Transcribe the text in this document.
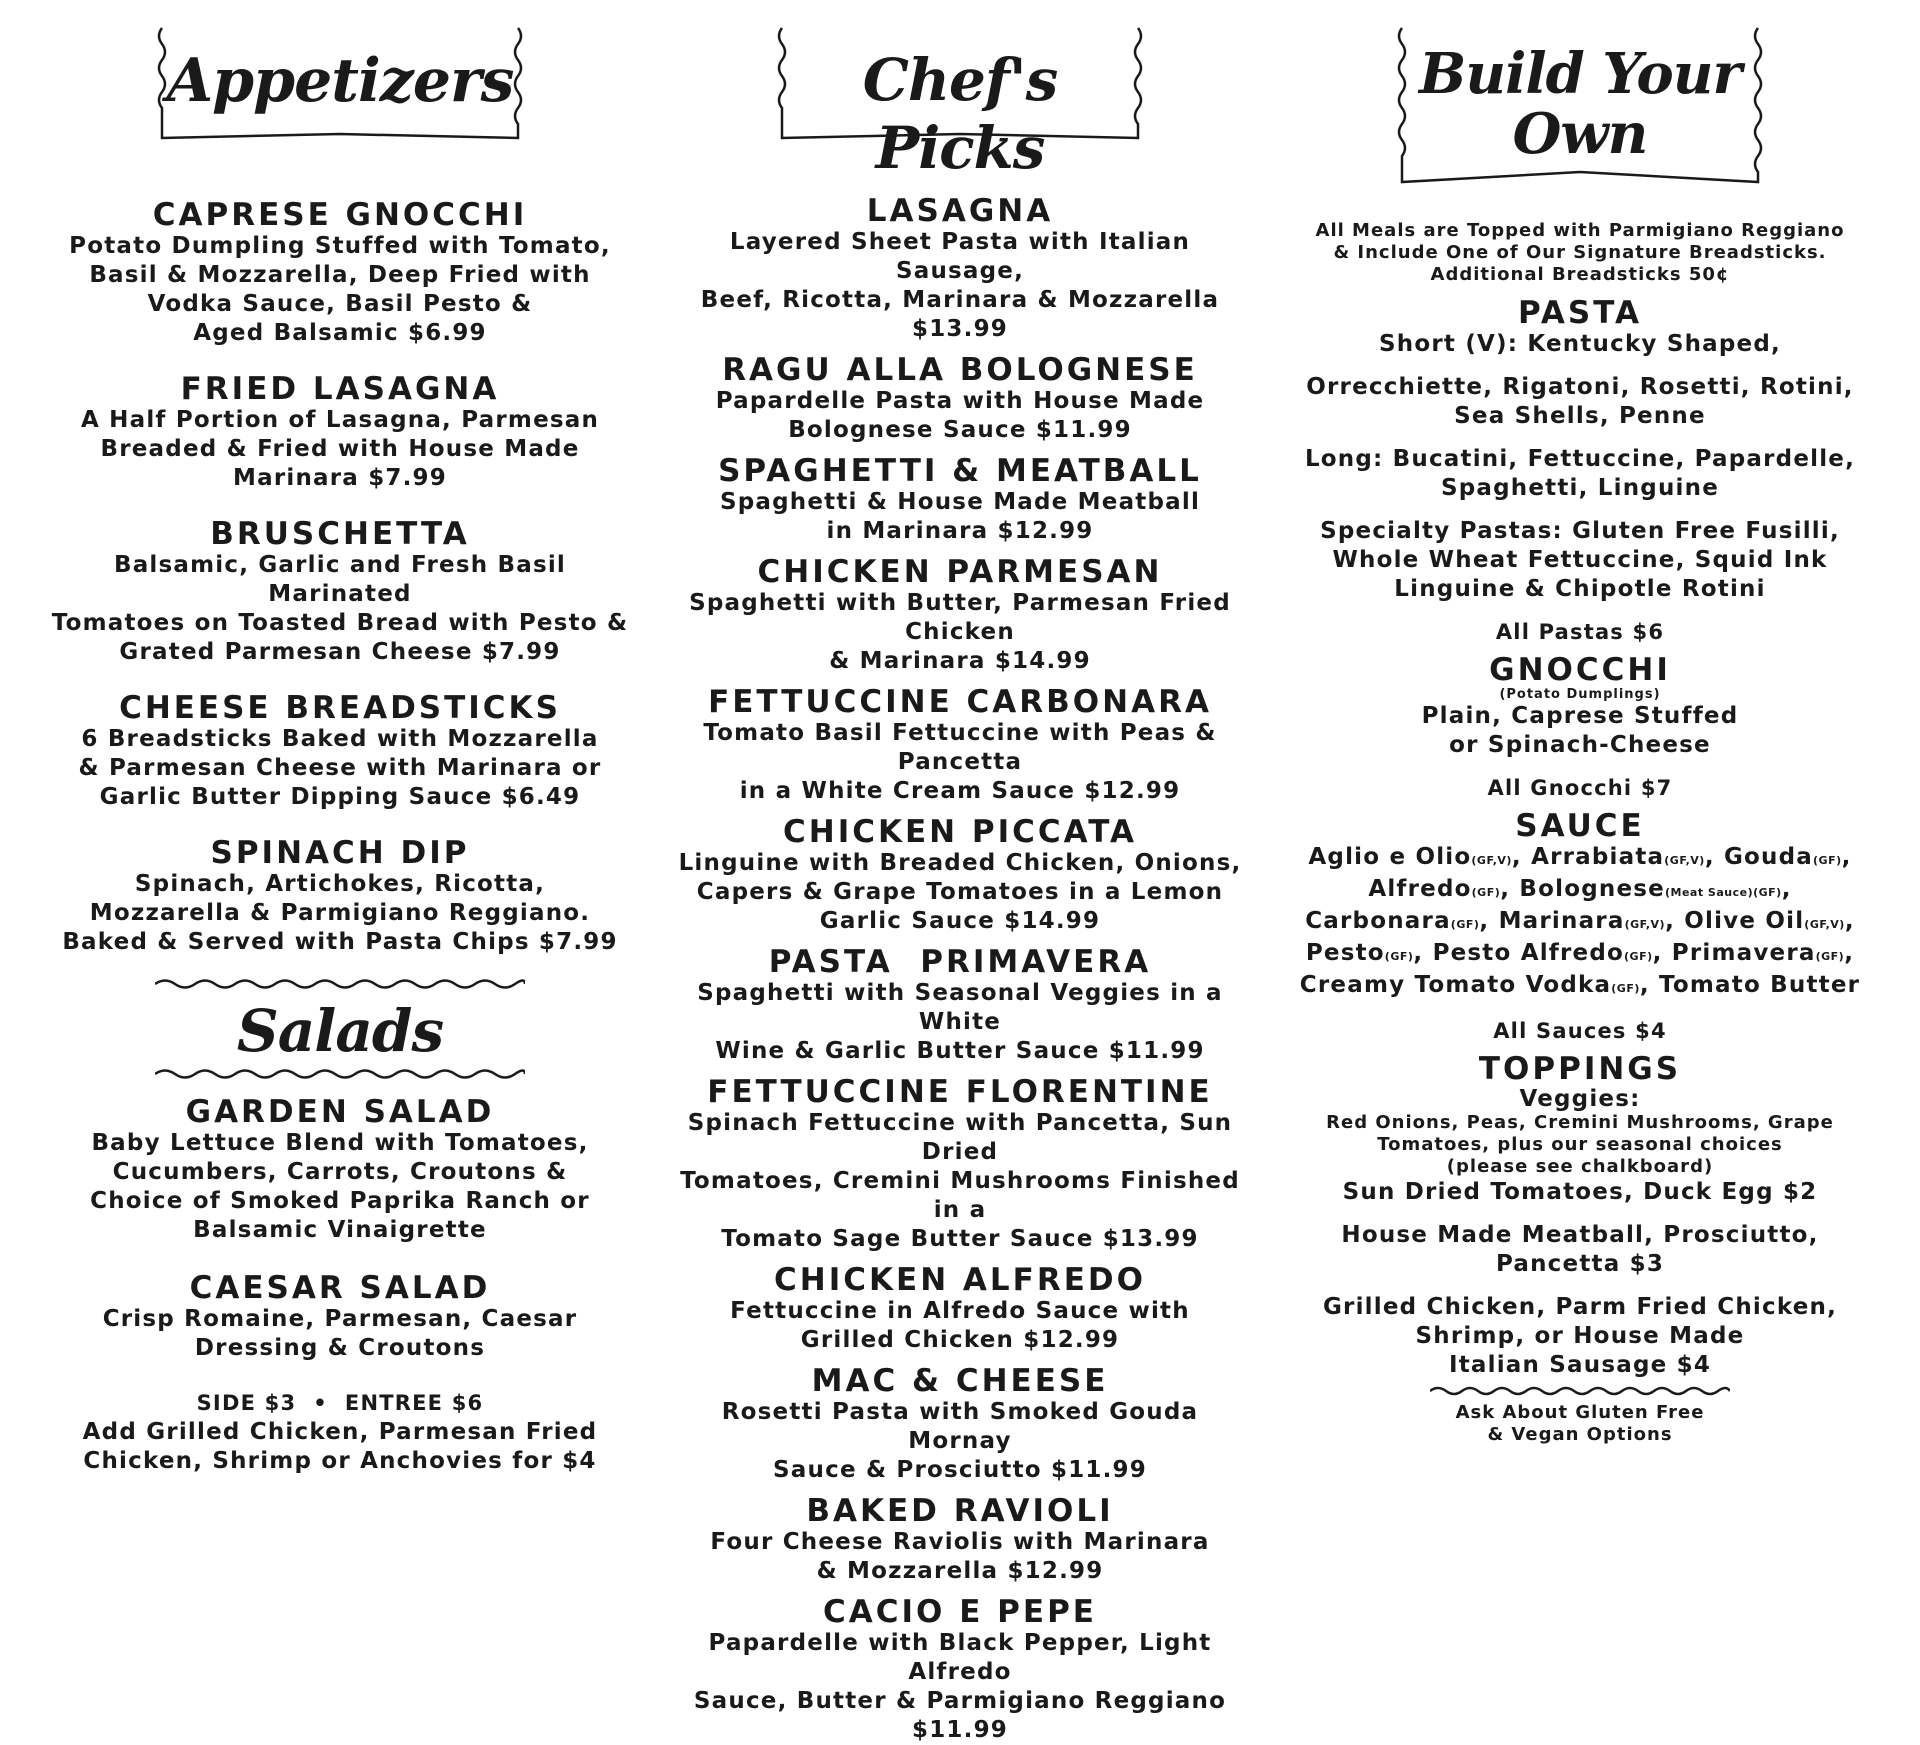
Appetizers
CAPRESE GNOCCHI
Potato Dumpling Stuffed with Tomato,
Basil & Mozzarella, Deep Fried with
Vodka Sauce, Basil Pesto &
Aged Balsamic $6.99
FRIED LASAGNA
A Half Portion of Lasagna, Parmesan
Breaded & Fried with House Made
Marinara $7.99
BRUSCHETTA
Balsamic, Garlic and Fresh Basil Marinated
Tomatoes on Toasted Bread with Pesto &
Grated Parmesan Cheese $7.99
CHEESE BREADSTICKS
6 Breadsticks Baked with Mozzarella
& Parmesan Cheese with Marinara or
Garlic Butter Dipping Sauce $6.49
SPINACH DIP
Spinach, Artichokes, Ricotta,
Mozzarella & Parmigiano Reggiano.
Baked & Served with Pasta Chips $7.99
Salads
GARDEN SALAD
Baby Lettuce Blend with Tomatoes,
Cucumbers, Carrots, Croutons &
Choice of Smoked Paprika Ranch or
Balsamic Vinaigrette
CAESAR SALAD
Crisp Romaine, Parmesan, Caesar
Dressing & Croutons
SIDE $3  •  ENTREE $6
Add Grilled Chicken, Parmesan Fried
Chicken, Shrimp or Anchovies for $4
Chef's Picks
LASAGNA
Layered Sheet Pasta with Italian Sausage,
Beef, Ricotta, Marinara & Mozzarella $13.99
RAGU ALLA BOLOGNESE
Papardelle Pasta with House Made
Bolognese Sauce $11.99
SPAGHETTI & MEATBALL
Spaghetti & House Made Meatball
in Marinara $12.99
CHICKEN PARMESAN
Spaghetti with Butter, Parmesan Fried Chicken
& Marinara $14.99
FETTUCCINE CARBONARA
Tomato Basil Fettuccine with Peas & Pancetta
in a White Cream Sauce $12.99
CHICKEN PICCATA
Linguine with Breaded Chicken, Onions,
Capers & Grape Tomatoes in a Lemon
Garlic Sauce $14.99
PASTA  PRIMAVERA
Spaghetti with Seasonal Veggies in a White
Wine & Garlic Butter Sauce $11.99
FETTUCCINE FLORENTINE
Spinach Fettuccine with Pancetta, Sun Dried
Tomatoes, Cremini Mushrooms Finished in a
Tomato Sage Butter Sauce $13.99
CHICKEN ALFREDO
Fettuccine in Alfredo Sauce with
Grilled Chicken $12.99
MAC & CHEESE
Rosetti Pasta with Smoked Gouda Mornay
Sauce & Prosciutto $11.99
BAKED RAVIOLI
Four Cheese Raviolis with Marinara
& Mozzarella $12.99
CACIO E PEPE
Papardelle with Black Pepper, Light Alfredo
Sauce, Butter & Parmigiano Reggiano $11.99
Build Your
Own
All Meals are Topped with Parmigiano Reggiano
& Include One of Our Signature Breadsticks.
Additional Breadsticks 50¢
PASTA
Short (V): Kentucky Shaped,
Orrecchiette, Rigatoni, Rosetti, Rotini,
Sea Shells, Penne
Long: Bucatini, Fettuccine, Papardelle,
Spaghetti, Linguine
Specialty Pastas: Gluten Free Fusilli,
Whole Wheat Fettuccine, Squid Ink
Linguine & Chipotle Rotini
All Pastas $6
GNOCCHI
(Potato Dumplings)
Plain, Caprese Stuffed
or Spinach-Cheese
All Gnocchi $7
SAUCE
Aglio e Olio(GF,V), Arrabiata(GF,V), Gouda(GF),
Alfredo(GF), Bolognese(Meat Sauce)(GF),
Carbonara(GF), Marinara(GF,V), Olive Oil(GF,V),
Pesto(GF), Pesto Alfredo(GF), Primavera(GF),
Creamy Tomato Vodka(GF), Tomato Butter
All Sauces $4
TOPPINGS
Veggies:
Red Onions, Peas, Cremini Mushrooms, Grape
Tomatoes, plus our seasonal choices
(please see chalkboard)
Sun Dried Tomatoes, Duck Egg $2
House Made Meatball, Prosciutto,
Pancetta $3
Grilled Chicken, Parm Fried Chicken,
Shrimp, or House Made
Italian Sausage $4
Ask About Gluten Free
& Vegan Options
